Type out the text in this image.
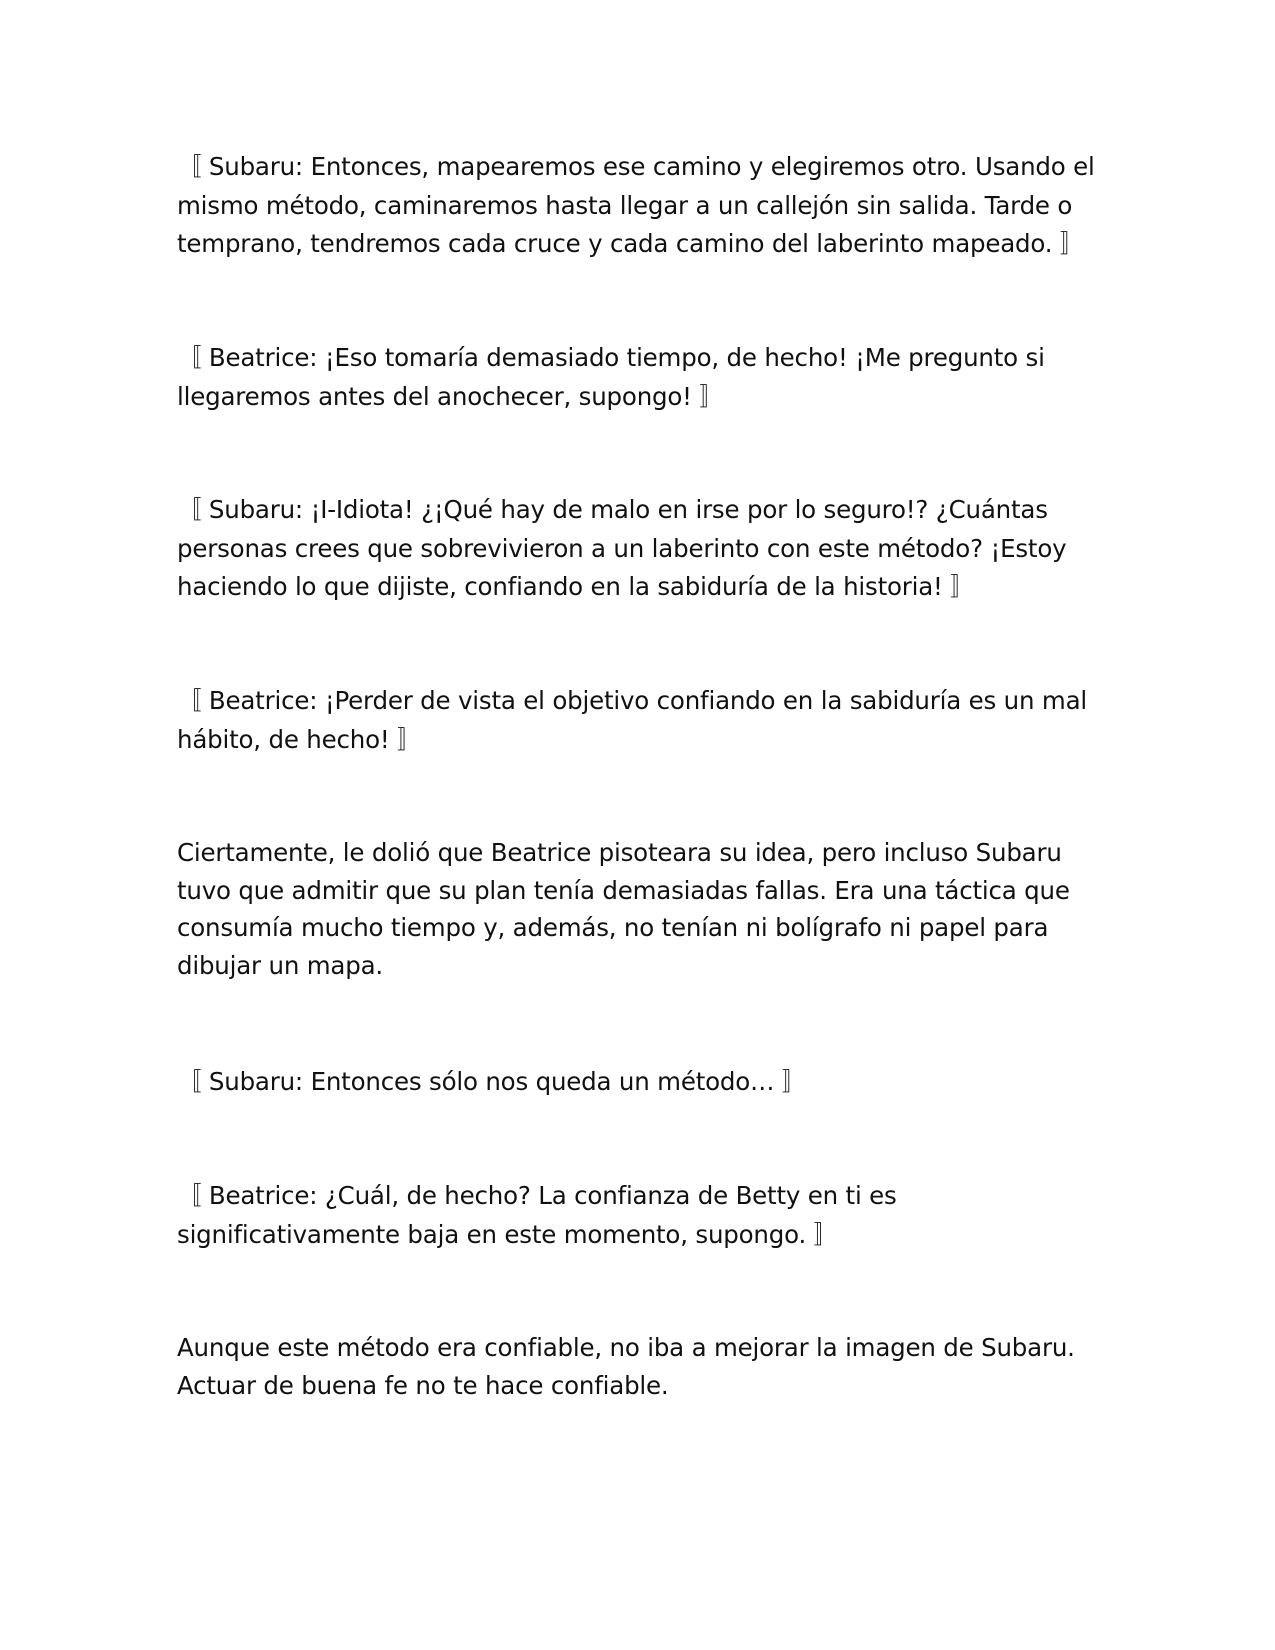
〚 Subaru: Entonces, mapearemos ese camino y elegiremos otro. Usando el mismo método, caminaremos hasta llegar a un callejón sin salida. Tarde o temprano, tendremos cada cruce y cada camino del laberinto mapeado. 〛

〚 Beatrice: ¡Eso tomaría demasiado tiempo, de hecho! ¡Me pregunto si llegaremos antes del anochecer, supongo! 〛

〚 Subaru: ¡I-Idiota! ¿¡Qué hay de malo en irse por lo seguro!? ¿Cuántas personas crees que sobrevivieron a un laberinto con este método? ¡Estoy haciendo lo que dijiste, confiando en la sabiduría de la historia! 〛

〚 Beatrice: ¡Perder de vista el objetivo confiando en la sabiduría es un mal hábito, de hecho! 〛

Ciertamente, le dolió que Beatrice pisoteara su idea, pero incluso Subaru tuvo que admitir que su plan tenía demasiadas fallas. Era una táctica que consumía mucho tiempo y, además, no tenían ni bolígrafo ni papel para dibujar un mapa.

〚 Subaru: Entonces sólo nos queda un método… 〛

〚 Beatrice: ¿Cuál, de hecho? La confianza de Betty en ti es significativamente baja en este momento, supongo. 〛

Aunque este método era confiable, no iba a mejorar la imagen de Subaru. Actuar de buena fe no te hace confiable.
